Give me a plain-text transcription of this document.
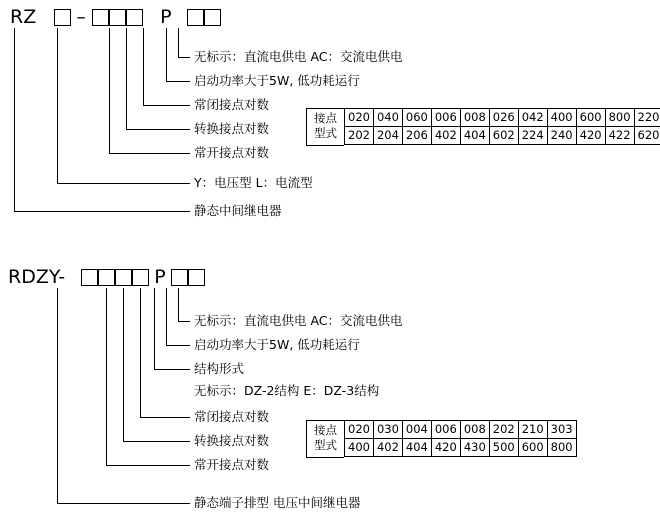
RZ –	P
无标示：直流电供电 AC：交流电供电
启动功率大于5W, 低功耗运行
常闭接点对数
转换接点对数
常开接点对数
Y：电压型 L：电流型
静态中间继电器
接点
型式
020	040	060	006	008	026	042	400	600	800	220
202	204	206	402	404	602	224	240	420	422	620
RDZY-	P
无标示：直流电供电 AC：交流电供电
启动功率大于5W, 低功耗运行
结构形式
无标示：DZ-2结构 E：DZ-3结构
常闭接点对数
转换接点对数
常开接点对数
静态端子排型 电压中间继电器
接点
型式
020	030	004	006	008	202	210	303
400	402	404	420	430	500	600	800
